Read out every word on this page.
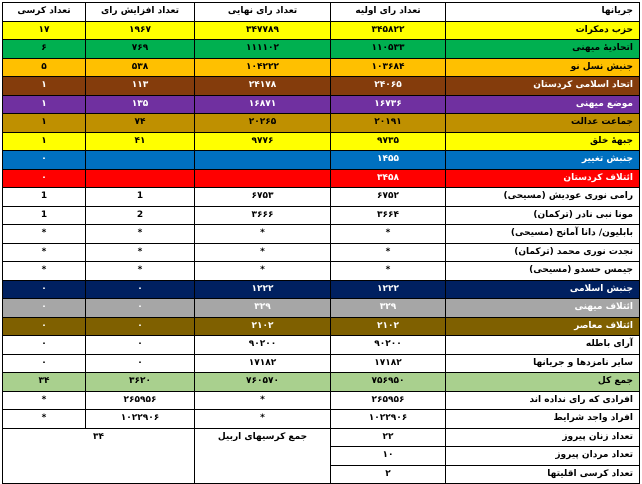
تعداد کرسی	تعداد افزایش رای	تعداد رای نهایی	تعداد رای اولیه	جریانها
۱۷	۱۹۶۷	۳۴۷۷۸۹	۳۴۵۸۲۲	حزب دمکرات
۶	۷۶۹	۱۱۱۱۰۲	۱۱۰۵۳۳	اتحادیهٔ میهنی
۵	۵۳۸	۱۰۴۲۲۲	۱۰۳۶۸۴	جنبش نسل نو
۱	۱۱۳	۲۴۱۷۸	۲۴۰۶۵	اتحاد اسلامی کردستان
۱	۱۳۵	۱۶۸۷۱	۱۶۷۳۶	موضع میهنی
۱	۷۴	۲۰۲۶۵	۲۰۱۹۱	جماعت عدالت
۱	۴۱	۹۷۷۶	۹۷۳۵	جبههٔ خلق
۰			۱۴۵۵	جنبش تغییر
۰			۳۴۵۸	ائتلاف کردستان
1	1	۶۷۵۳	۶۷۵۲	رامی نوری عودیش (مسیحی)
1	2	۳۶۶۶	۳۶۶۴	مونا نبی نادر (ترکمان)
*	*	*	*	بابلیون/ دانا آمانج (مسیحی)
*	*	*	*	نجدت نوری محمد (ترکمان)
*	*	*	*	جیمس حسدو (مسیحی)
۰	۰	۱۲۲۲	۱۲۲۲	جنبش اسلامی
۰	۰	۳۲۹	۳۲۹	ائتلاف میهنی
۰	۰	۲۱۰۲	۲۱۰۲	ائتلاف معاصر
۰	۰	۹۰۲۰۰	۹۰۲۰۰	آرای باطله
۰	۰	۱۷۱۸۲	۱۷۱۸۲	سایر نامزدها و جریانها
۳۴	۳۶۲۰	۷۶۰۵۷۰	۷۵۶۹۵۰	جمع کل
*	۲۶۵۹۵۶	*	۲۶۵۹۵۶	افرادی که رای نداده اند
*	۱۰۲۲۹۰۶	*	۱۰۲۲۹۰۶	افراد واجد شرایط
۳۴		جمع کرسیهای اربیل	۲۲	تعداد زنان پیروز
			۱۰	تعداد مردان پیروز
			۲	تعداد کرسی اقلیتها
